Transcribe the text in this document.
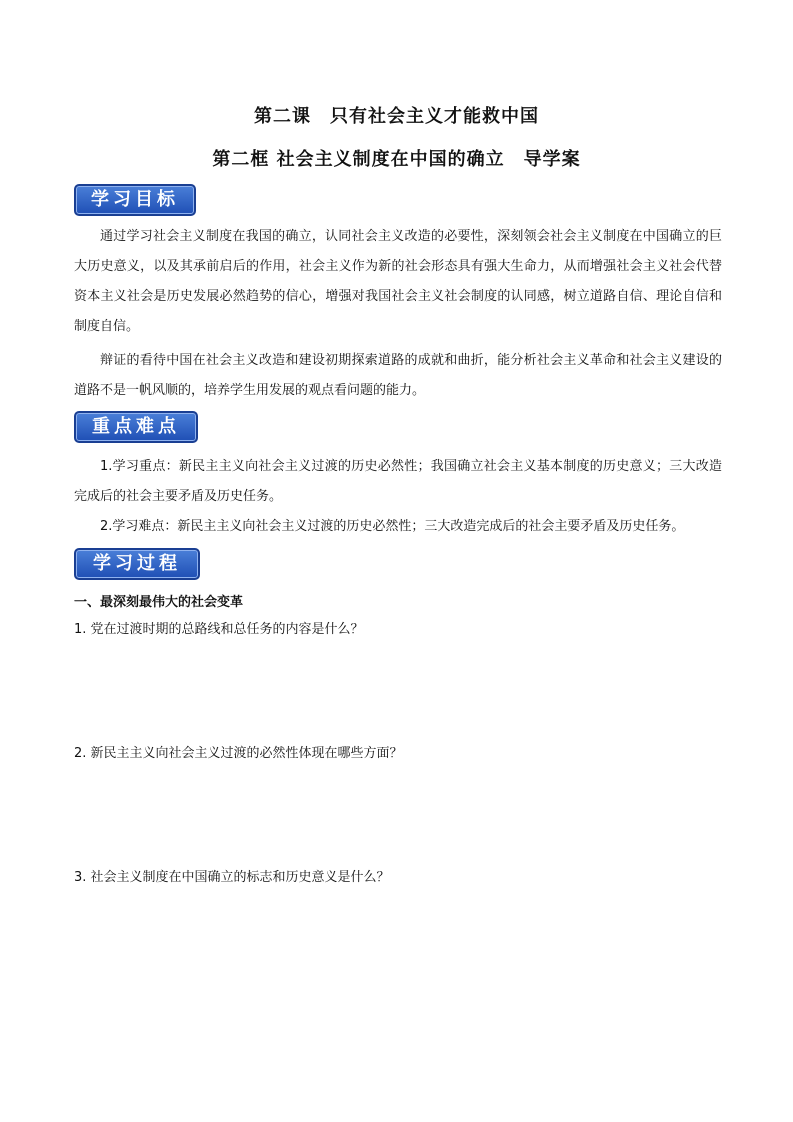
第二课　只有社会主义才能救中国
第二框 社会主义制度在中国的确立　导学案
学习目标
通过学习社会主义制度在我国的确立，认同社会主义改造的必要性，深刻领会社会主义制度在中国确立的巨大历史意义，以及其承前启后的作用，社会主义作为新的社会形态具有强大生命力，从而增强社会主义社会代替资本主义社会是历史发展必然趋势的信心，增强对我国社会主义社会制度的认同感，树立道路自信、理论自信和制度自信。
辩证的看待中国在社会主义改造和建设初期探索道路的成就和曲折，能分析社会主义革命和社会主义建设的道路不是一帆风顺的，培养学生用发展的观点看问题的能力。
重点难点
1.学习重点：新民主主义向社会主义过渡的历史必然性；我国确立社会主义基本制度的历史意义；三大改造完成后的社会主要矛盾及历史任务。
2.学习难点：新民主主义向社会主义过渡的历史必然性；三大改造完成后的社会主要矛盾及历史任务。
学习过程
一、最深刻最伟大的社会变革
1. 党在过渡时期的总路线和总任务的内容是什么？
2. 新民主主义向社会主义过渡的必然性体现在哪些方面？
3. 社会主义制度在中国确立的标志和历史意义是什么？
